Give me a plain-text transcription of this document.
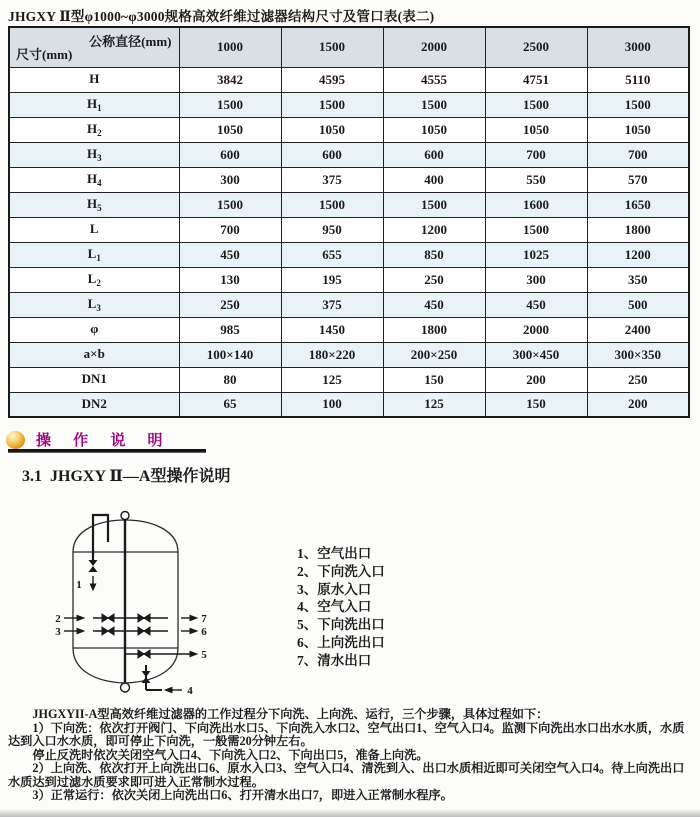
JHGXY Ⅱ型φ1000~φ3000规格高效纤维过滤器结构尺寸及管口表(表二)
公称直径(mm)
尺寸(mm)	1000	1500	2000	2500	3000
H	3842	4595	4555	4751	5110
$H_1$	1500	1500	1500	1500	1500
$H_2$	1050	1050	1050	1050	1050
$H_3$	600	600	600	700	700
$H_4$	300	375	400	550	570
$H_5$	1500	1500	1500	1600	1650
L	700	950	1200	1500	1800
$L_1$	450	655	850	1025	1200
$L_2$	130	195	250	300	350
$L_3$	250	375	450	450	500
φ	985	1450	1800	2000	2400
a×b	100×140	180×220	200×250	300×450	300×350
DN1	80	125	150	200	250
DN2	65	100	125	150	200
操 作 说 明
3.1  JHGXY Ⅱ—A型操作说明
1
2	7
3	6
5
4
1、空气出口
2、下向洗入口
3、原水入口
4、空气入口
5、下向洗出口
6、上向洗出口
7、清水出口

JHGXYII-A型高效纤维过滤器的工作过程分下向洗、上向洗、运行，三个步骤，具体过程如下：

1）下向洗：依次打开阀门、下向洗出水口5、下向洗入水口2、空气出口1、空气入口4。监测下向洗出水口出水水质，水质达到入口水水质，即可停止下向洗，一般需20分钟左右。

停止反洗时依次关闭空气入口4、下向洗入口2、下向出口5，准备上向洗。

2）上向洗、依次打开上向洗出口6、原水入口3、空气入口4、清洗到入、出口水质相近即可关闭空气入口4。待上向洗出口水质达到过滤水质要求即可进入正常制水过程。

3）正常运行：依次关闭上向洗出口6、打开清水出口7，即进入正常制水程序。
